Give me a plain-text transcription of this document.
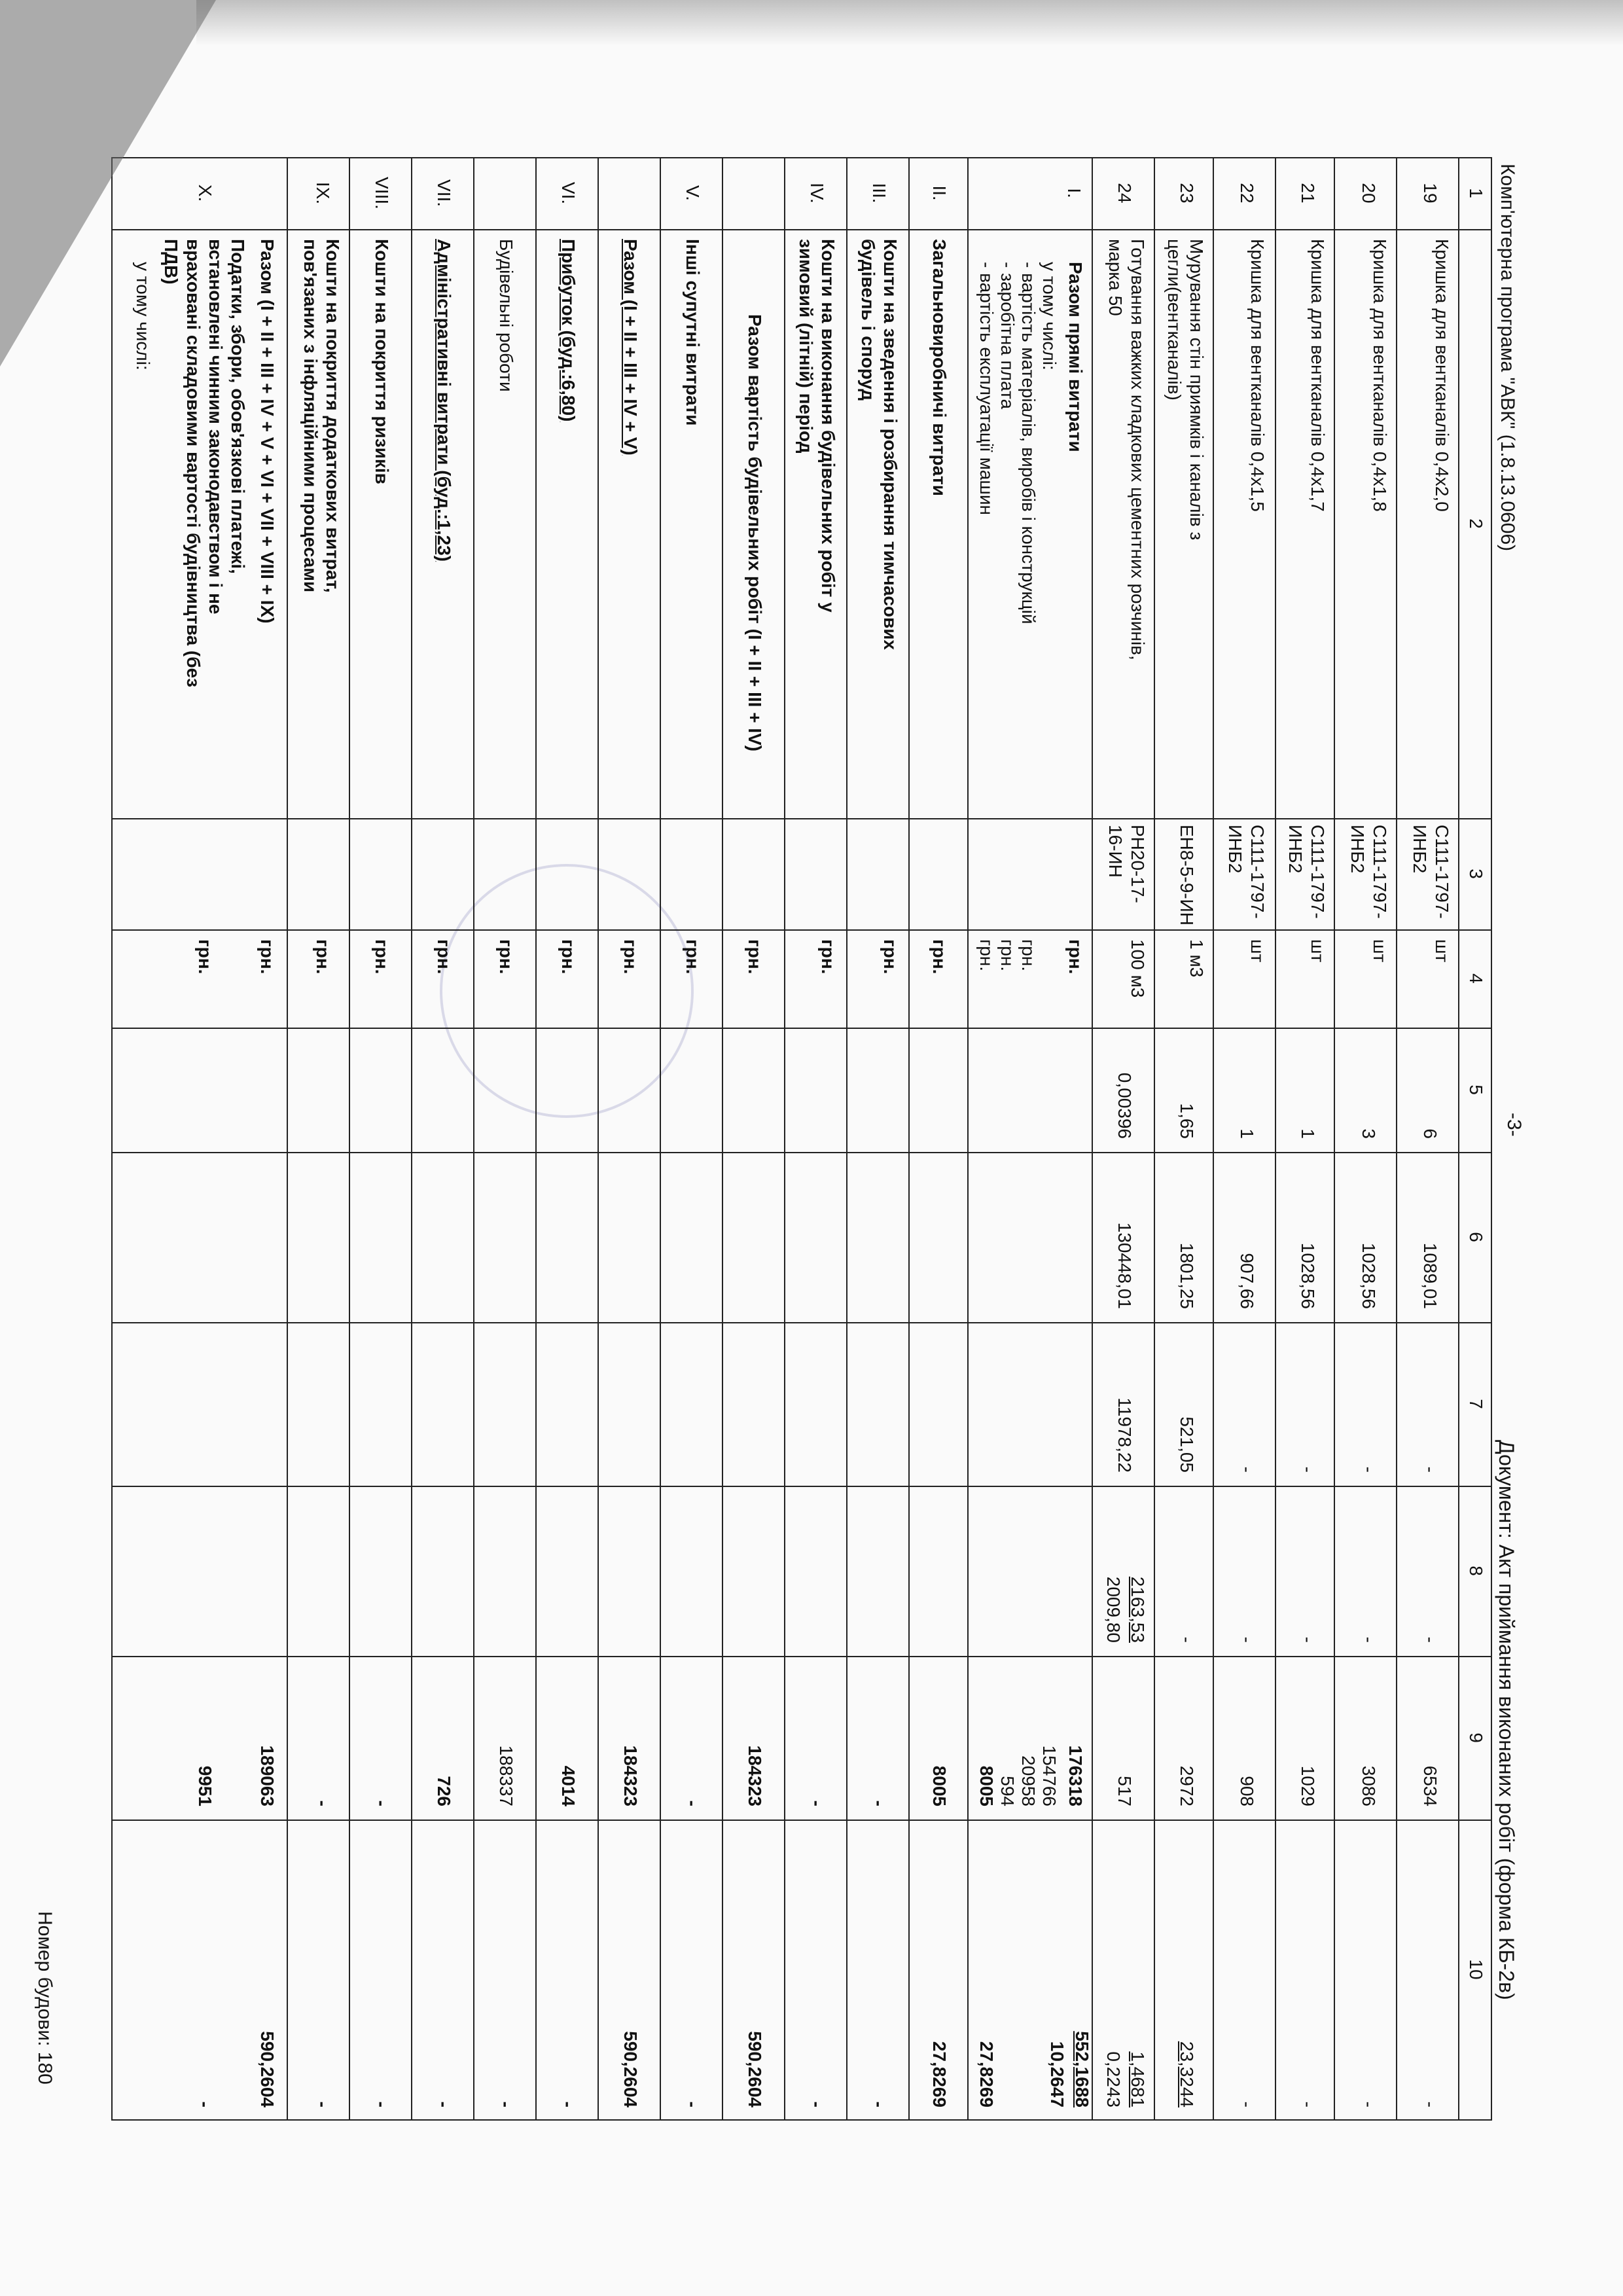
Комп'ютерна програма "АВК" (1.8.13.0606)
-3-
Документ: Акт приймання виконаних робіт (форма КБ-2в)
Номер будови: 180
1
2
3
4
5
6
7
8
9
10
19
Кришка для вентканалів 0,4x2,0
С111-1797-ИНБ2
шт
6
1089,01
-
-
6534
-
20
Кришка для вентканалів 0,4x1,8
С111-1797-ИНБ2
шт
3
1028,56
-
-
3086
-
21
Кришка для вентканалів 0,4x1,7
С111-1797-ИНБ2
шт
1
1028,56
-
-
1029
-
22
Кришка для вентканалів 0,4x1,5
С111-1797-ИНБ2
шт
1
907,66
-
-
908
-
23
Мурування стін приямків і каналів з
цегли(вентканалів)
ЕН8-5-9-ИН
1 м3
1,65
1801,25
521,05
-
2972
23,3244
24
Готування важких кладкових цементних розчинів,
марка 50
РН20-17-16-ИН
100 м3
0,00396
130448,01
11978,22
2163,53
2009,80
517
1,4681
0,2243
I.
Разом прямі витрати
у тому числі:
- вартість матеріалів, виробів і конструкцій
- заробітна плата
- вартість експлуатації машин
грн.
грн.
грн.
грн.
176318
154766
20958
594
8005
552,1688
10,2647
27,8269
II.
Загальновиробничі витрати
грн.
8005
27,8269
III.
Кошти на зведення і розбирання тимчасових
будівель і споруд
грн.
-
-
IV.
Кошти на виконання будівельних робіт у
зимовий (літній) період
грн.
-
-
Разом вартість будівельних робіт (I + II + III + IV)
грн.
184323
590,2604
V.
Інші супутні витрати
грн.
-
-
Разом (I + II + III + IV + V)
грн.
184323
590,2604
VI.
Прибуток (буд.:6,80)
грн.
4014
-
Будівельні роботи
грн.
188337
-
VII.
Адміністративні витрати (буд.:1,23)
грн.
726
-
VIII.
Кошти на покриття ризиків
грн.
-
-
IX.
Кошти на покриття додаткових витрат,
пов'язаних з інфляційними процесами
грн.
-
-
Разом (I + II + III + IV + V + VI + VII + VIII + IX)
грн.
189063
590,2604
X.
Податки, збори, обов'язкові платежі,
встановлені чинним законодавством і не
враховані складовими вартості будівництва (без
ПДВ)
грн.
9951
-
у тому числі:
